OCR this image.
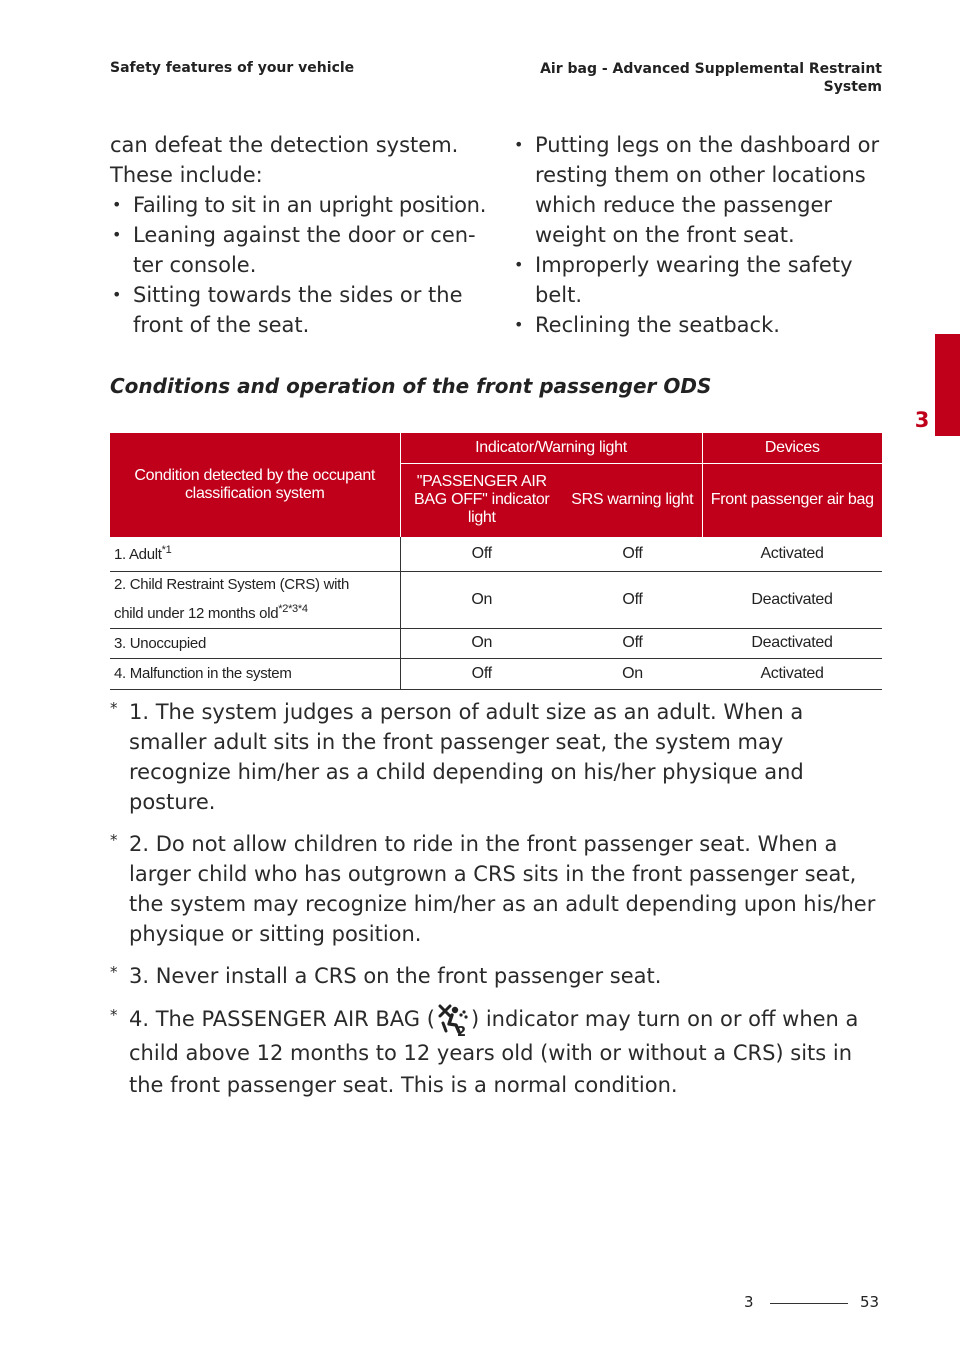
Safety features of your vehicle	Air bag - Advanced Supplemental Restraint
System
3

can defeat the detection system.

These include:

• Failing to sit in an upright position.
• Leaning against the door or cen-ter console.
• Sitting towards the sides or the front of the seat.
• Putting legs on the dashboard or resting them on other locations which reduce the passenger weight on the front seat.
• Improperly wearing the safety belt.
• Reclining the seatback.
Conditions and operation of the front passenger ODS
Condition detected by the occupant classification system	Indicator/Warning light		Devices
	"PASSENGER AIR BAG OFF" indicator light	SRS warning light	Front passenger air bag
1. Adult$^{*1}$	Off	Off	Activated

2. Child Restraint System (CRS) with
child under 12 months old$^{*2*3*4}$	On	Off	Deactivated
3. Unoccupied	On	Off	Deactivated
4. Malfunction in the system	Off	On	Activated
* 1. The system judges a person of adult size as an adult. When a smaller adult sits in the front passenger seat, the system may recognize him/her as a child depending on his/her physique and posture.
* 2. Do not allow children to ride in the front passenger seat. When a larger child who has outgrown a CRS sits in the front passenger seat, the system may recognize him/her as an adult depending upon his/her physique or sitting position.
* 3. Never install a CRS on the front passenger seat.
* 4. The PASSENGER AIR BAG (
2
) indicator may turn on or off when a child above 12 months to 12 years old (with or without a CRS) sits in the front passenger seat. This is a normal condition.
3	53
